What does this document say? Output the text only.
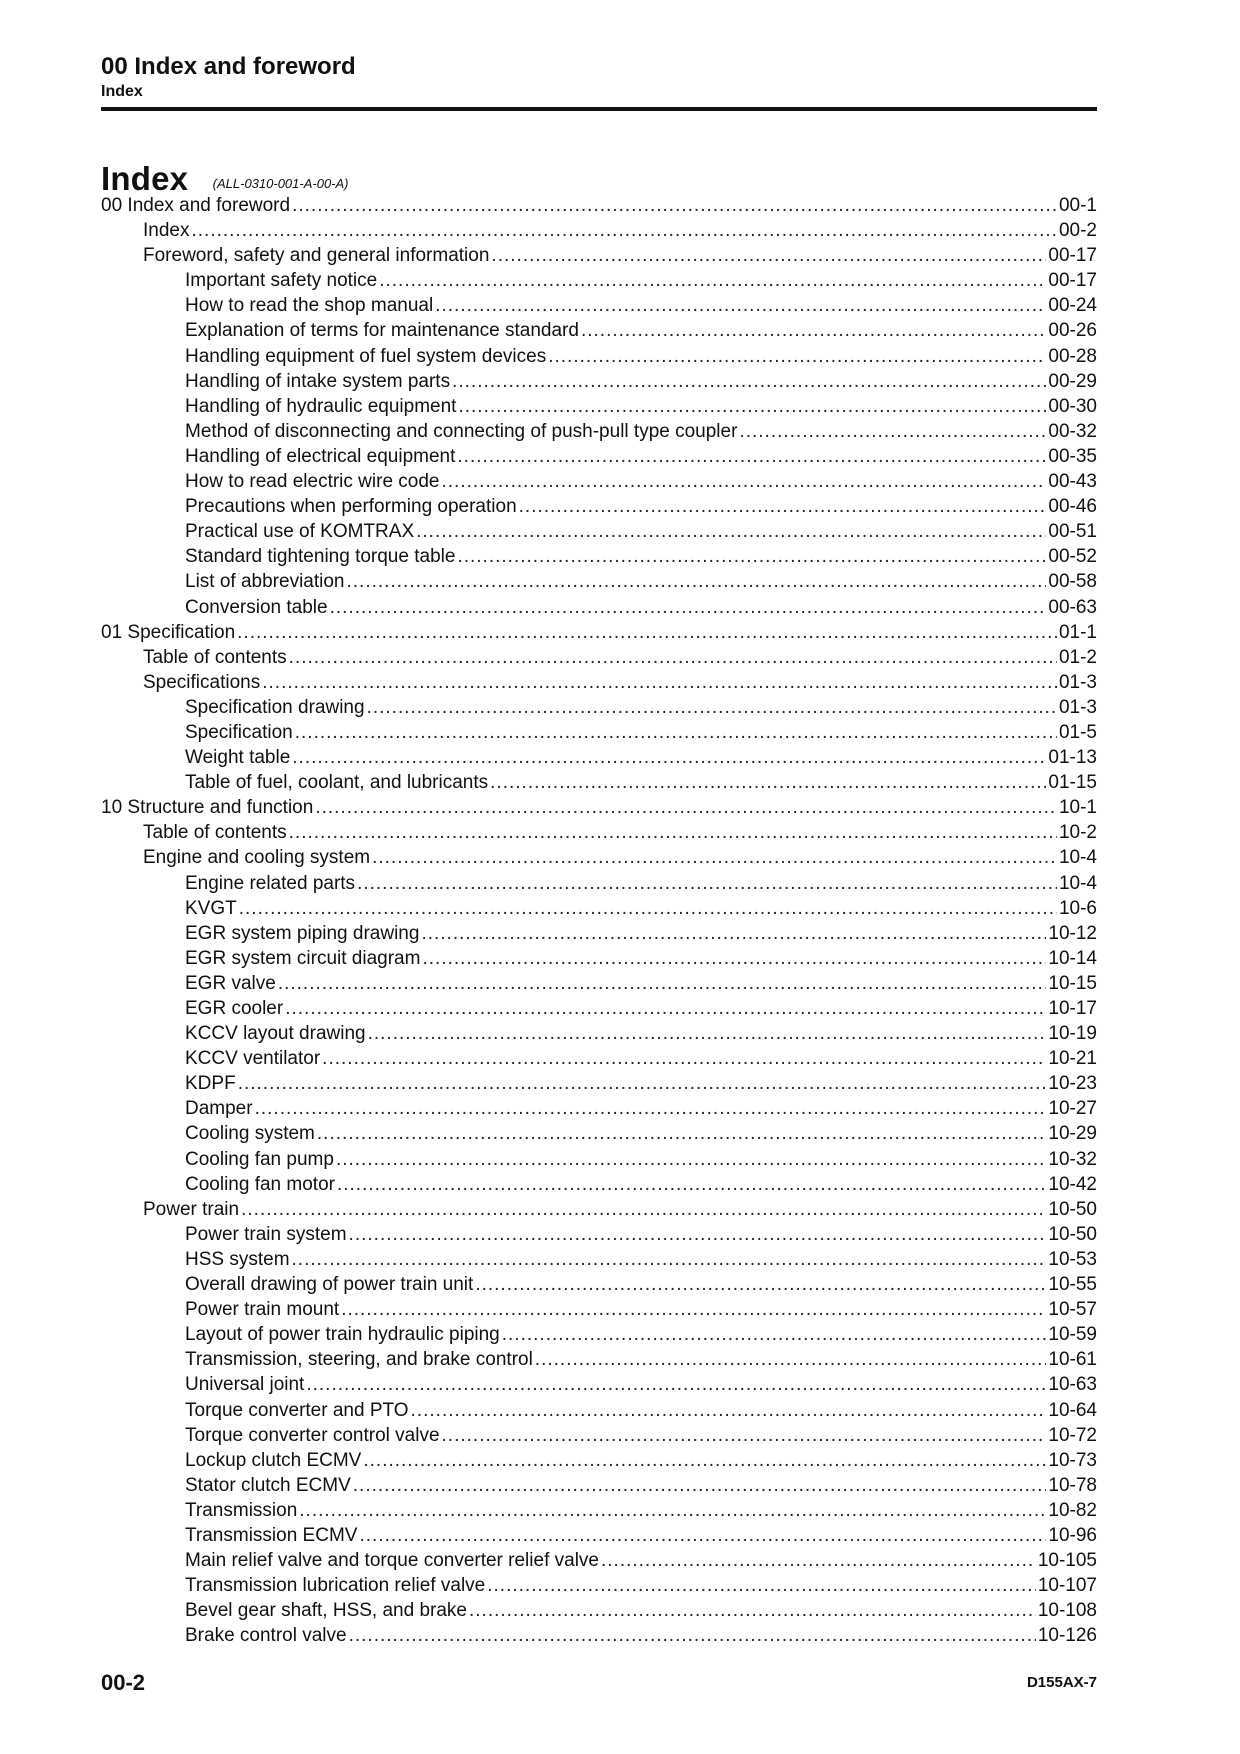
00 Index and foreword
Index
Index (ALL-0310-001-A-00-A)
00 Index and foreword .....	00-1
Index .....	00-2
Foreword, safety and general information .....	00-17
Important safety notice .....	00-17
How to read the shop manual .....	00-24
Explanation of terms for maintenance standard .....	00-26
Handling equipment of fuel system devices .....	00-28
Handling of intake system parts .....	00-29
Handling of hydraulic equipment .....	00-30
Method of disconnecting and connecting of push-pull type coupler .....	00-32
Handling of electrical equipment .....	00-35
How to read electric wire code .....	00-43
Precautions when performing operation .....	00-46
Practical use of KOMTRAX .....	00-51
Standard tightening torque table .....	00-52
List of abbreviation .....	00-58
Conversion table .....	00-63
01 Specification .....	01-1
Table of contents .....	01-2
Specifications .....	01-3
Specification drawing .....	01-3
Specification .....	01-5
Weight table .....	01-13
Table of fuel, coolant, and lubricants .....	01-15
10 Structure and function .....	10-1
Table of contents .....	10-2
Engine and cooling system .....	10-4
Engine related parts .....	10-4
KVGT .....	10-6
EGR system piping drawing .....	10-12
EGR system circuit diagram .....	10-14
EGR valve .....	10-15
EGR cooler .....	10-17
KCCV layout drawing .....	10-19
KCCV ventilator .....	10-21
KDPF .....	10-23
Damper .....	10-27
Cooling system .....	10-29
Cooling fan pump .....	10-32
Cooling fan motor .....	10-42
Power train .....	10-50
Power train system .....	10-50
HSS system .....	10-53
Overall drawing of power train unit .....	10-55
Power train mount .....	10-57
Layout of power train hydraulic piping .....	10-59
Transmission, steering, and brake control .....	10-61
Universal joint .....	10-63
Torque converter and PTO .....	10-64
Torque converter control valve .....	10-72
Lockup clutch ECMV .....	10-73
Stator clutch ECMV .....	10-78
Transmission .....	10-82
Transmission ECMV .....	10-96
Main relief valve and torque converter relief valve .....	10-105
Transmission lubrication relief valve .....	10-107
Bevel gear shaft, HSS, and brake .....	10-108
Brake control valve .....	10-126
00-2	D155AX-7
